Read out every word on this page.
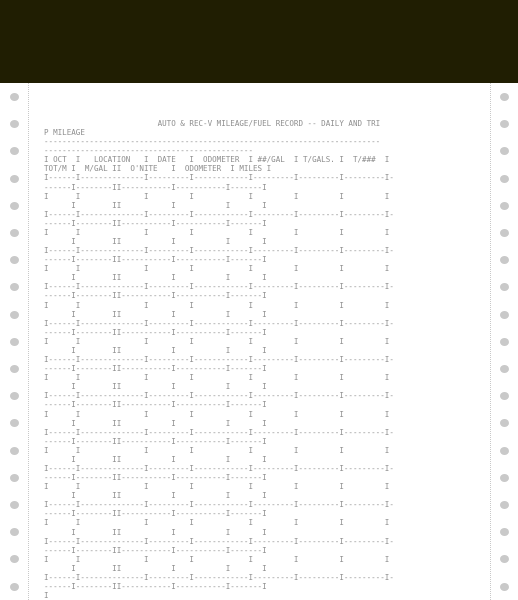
AUTO & REC-V MILEAGE/FUEL RECORD -- DAILY AND TRI
P MILEAGE
--------------------------------------------------------------------------
----------------------------------------------
I OCT  I   LOCATION   I  DATE   I  ODOMETER  I ##/GAL  I T/GALS. I  T/###  I
TOT/M I  M/GAL II  O'NITE   I  ODOMETER  I MILES I
I------I--------------I---------I------------I---------I---------I---------I-
------I--------II-----------I-----------I-------I
I      I              I         I            I         I         I         I
I        II           I           I       I
I------I--------------I---------I------------I---------I---------I---------I-
------I--------II-----------I-----------I-------I
I      I              I         I            I         I         I         I
I        II           I           I       I
I------I--------------I---------I------------I---------I---------I---------I-
------I--------II-----------I-----------I-------I
I      I              I         I            I         I         I         I
I        II           I           I       I
I------I--------------I---------I------------I---------I---------I---------I-
------I--------II-----------I-----------I-------I
I      I              I         I            I         I         I         I
I        II           I           I       I
I------I--------------I---------I------------I---------I---------I---------I-
------I--------II-----------I-----------I-------I
I      I              I         I            I         I         I         I
I        II           I           I       I
I------I--------------I---------I------------I---------I---------I---------I-
------I--------II-----------I-----------I-------I
I      I              I         I            I         I         I         I
I        II           I           I       I
I------I--------------I---------I------------I---------I---------I---------I-
------I--------II-----------I-----------I-------I
I      I              I         I            I         I         I         I
I        II           I           I       I
I------I--------------I---------I------------I---------I---------I---------I-
------I--------II-----------I-----------I-------I
I      I              I         I            I         I         I         I
I        II           I           I       I
I------I--------------I---------I------------I---------I---------I---------I-
------I--------II-----------I-----------I-------I
I      I              I         I            I         I         I         I
I        II           I           I       I
I------I--------------I---------I------------I---------I---------I---------I-
------I--------II-----------I-----------I-------I
I      I              I         I            I         I         I         I
I        II           I           I       I
I------I--------------I---------I------------I---------I---------I---------I-
------I--------II-----------I-----------I-------I
I      I              I         I            I         I         I         I
I        II           I           I       I
I------I--------------I---------I------------I---------I---------I---------I-
------I--------II-----------I-----------I-------I
I
